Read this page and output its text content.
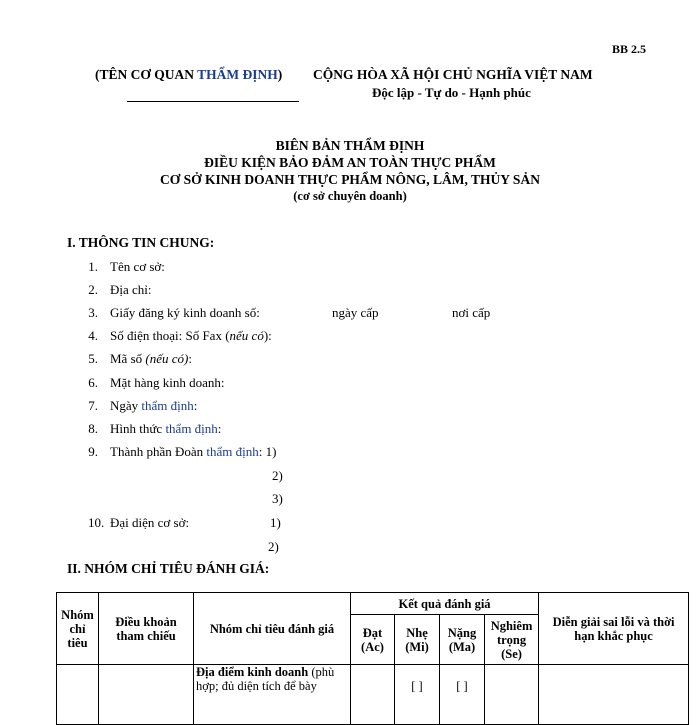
BB 2.5
(TÊN CƠ QUAN THẨM ĐỊNH) CỘNG HÒA XÃ HỘI CHỦ NGHĨA VIỆT NAM
Độc lập - Tự do - Hạnh phúc
BIÊN BẢN THẨM ĐỊNH
ĐIỀU KIỆN BẢO ĐẢM AN TOÀN THỰC PHẨM
CƠ SỞ KINH DOANH THỰC PHẨM NÔNG, LÂM, THỦY SẢN
(cơ sở chuyên doanh)
I. THÔNG TIN CHUNG:
1. Tên cơ sở:
2. Địa chỉ:
3. Giấy đăng ký kinh doanh số:	ngày cấp	nơi cấp
4. Số điện thoại: Số Fax (nếu có):
5. Mã số (nếu có):
6. Mặt hàng kinh doanh:
7. Ngày thẩm định:
8. Hình thức thẩm định:
9. Thành phần Đoàn thẩm định: 1)
2)
3)
10. Đại diện cơ sở:	1)
2)
II. NHÓM CHỈ TIÊU ĐÁNH GIÁ:
Nhóm chỉ tiêu	Điều khoản tham chiếu	Nhóm chỉ tiêu đánh giá	Kết quả đánh giá				Diễn giải sai lỗi và thời hạn khắc phục
			Đạt (Ac)	Nhẹ (Mi)	Nặng (Ma)	Nghiêm trọng (Se)	
		Địa điểm kinh doanh (phù hợp; đủ diện tích để bày		[ ]	[ ]		
